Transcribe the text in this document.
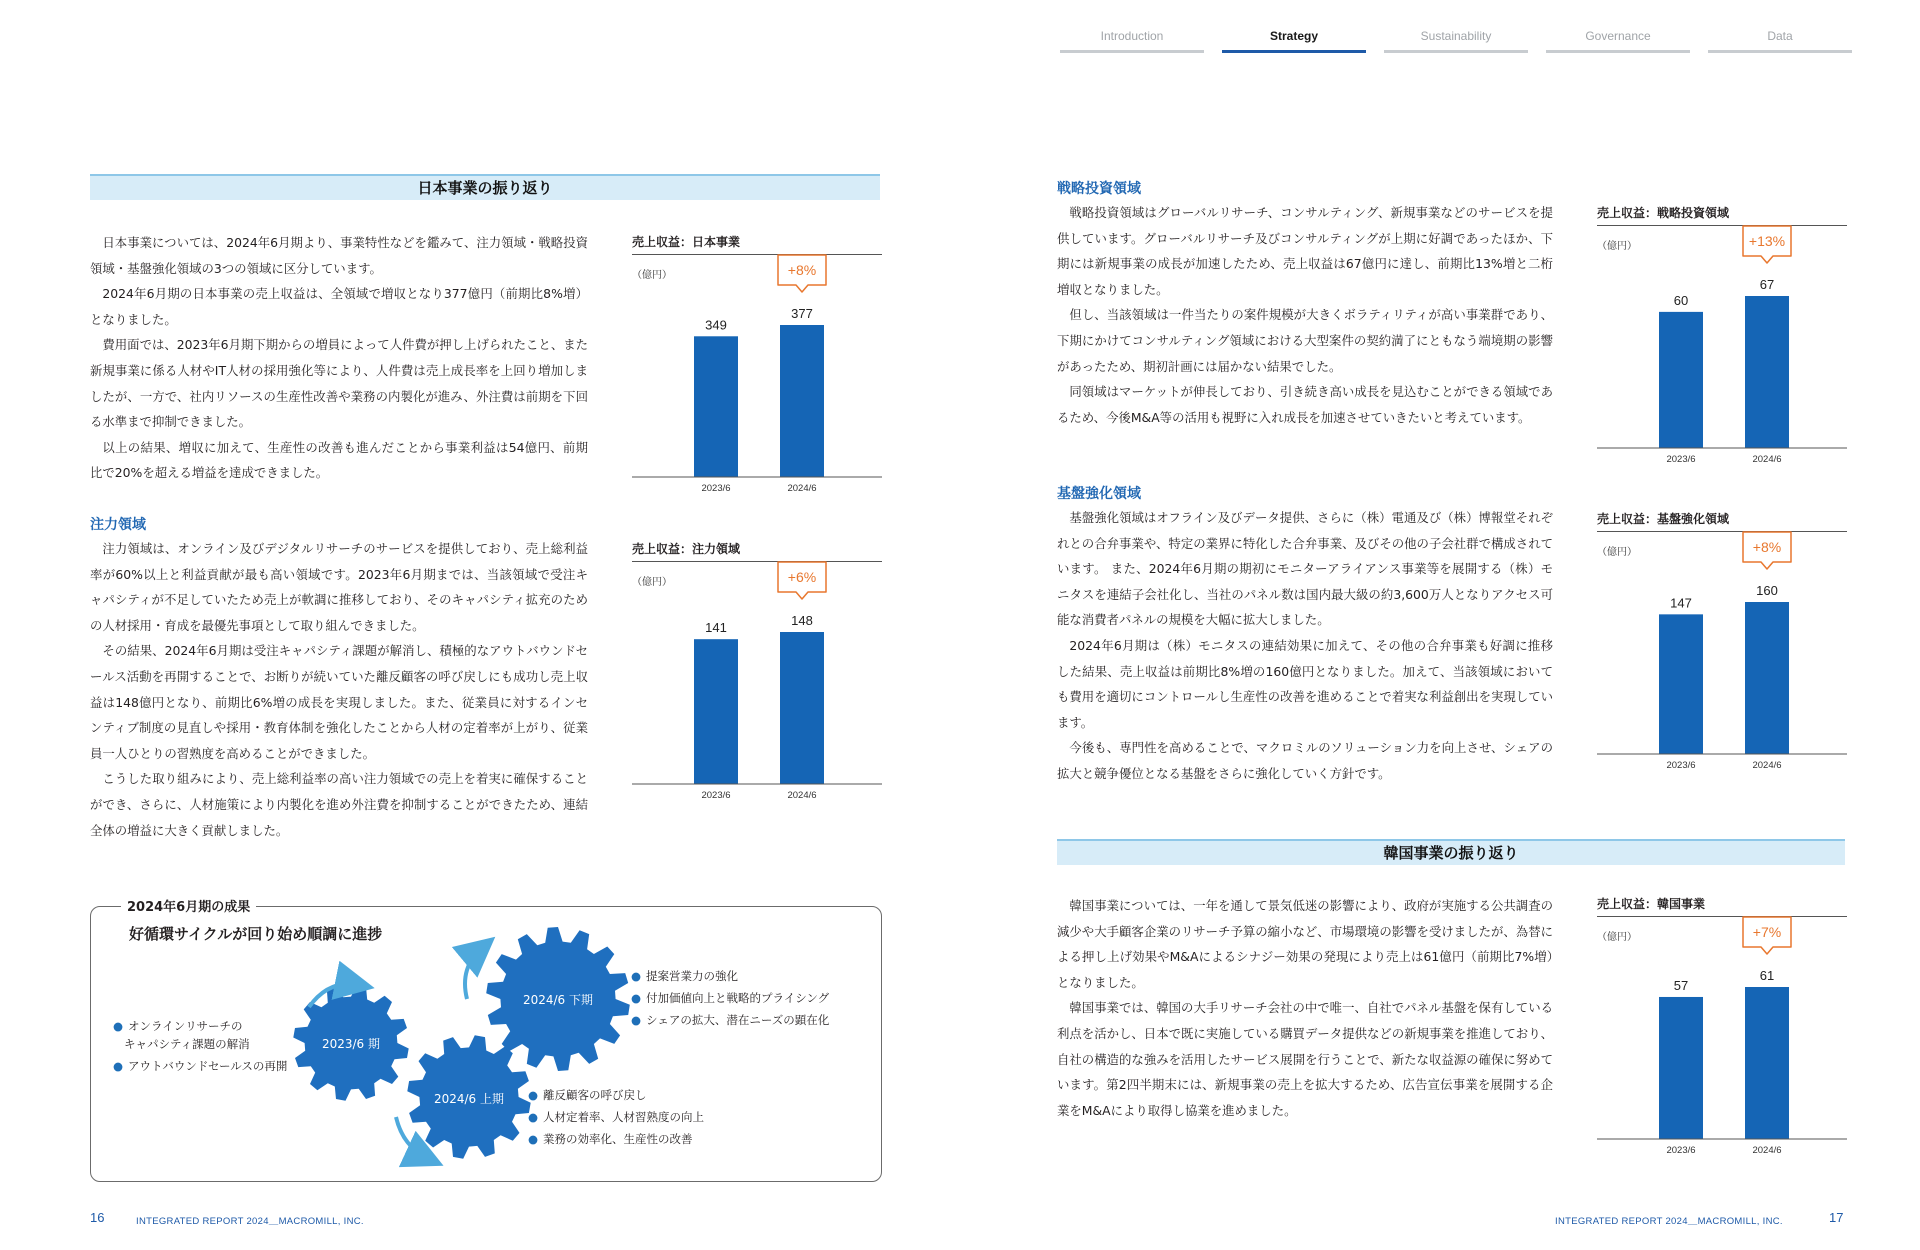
Introduction	Strategy	Sustainability	Governance	Data
日本事業の振り返り

日本事業については、2024年6月期より、事業特性などを鑑みて、注力領域・戦略投資領域・基盤強化領域の3つの領域に区分しています。

2024年6月期の日本事業の売上収益は、全領域で増収となり377億円（前期比8%増）となりました。

費用面では、2023年6月期下期からの増員によって人件費が押し上げられたこと、また新規事業に係る人材やIT人材の採用強化等により、人件費は売上成長率を上回り増加しましたが、一方で、社内リソースの生産性改善や業務の内製化が進み、外注費は前期を下回る水準まで抑制できました。

以上の結果、増収に加えて、生産性の改善も進んだことから事業利益は54億円、前期比で20%を超える増益を達成できました。

注力領域

注力領域は、オンライン及びデジタルリサーチのサービスを提供しており、売上総利益率が60%以上と利益貢献が最も高い領域です。2023年6月期までは、当該領域で受注キャパシティが不足していたため売上が軟調に推移しており、そのキャパシティ拡充のための人材採用・育成を最優先事項として取り組んできました。

その結果、2024年6月期は受注キャパシティ課題が解消し、積極的なアウトバウンドセールス活動を再開することで、お断りが続いていた離反顧客の呼び戻しにも成功し売上収益は148億円となり、前期比6%増の成長を実現しました。また、従業員に対するインセンティブ制度の見直しや採用・教育体制を強化したことから人材の定着率が上がり、従業員一人ひとりの習熟度を高めることができました。

こうした取り組みにより、売上総利益率の高い注力領域での売上を着実に確保することができ、さらに、人材施策により内製化を進め外注費を抑制することができたため、連結全体の増益に大きく貢献しました。

売上収益：日本事業
（億円）
349
2023/6
377
2024/6
+8%
売上収益：注力領域
（億円）
141
2023/6
148
2024/6
+6%
2024年6月期の成果
好循環サイクルが回り始め順調に進捗
2023/6 期
2024/6 上期
2024/6 下期
● オンラインリサーチの
キャパシティ課題の解消
● アウトバウンドセールスの再開
● 離反顧客の呼び戻し
● 人材定着率、人材習熟度の向上
● 業務の効率化、生産性の改善
● 提案営業力の強化
● 付加価値向上と戦略的プライシング
● シェアの拡大、潜在ニーズの顕在化
16	INTEGRATED REPORT 2024＿MACROMILL, INC.
戦略投資領域

戦略投資領域はグローバルリサーチ、コンサルティング、新規事業などのサービスを提供しています。グローバルリサーチ及びコンサルティングが上期に好調であったほか、下期には新規事業の成長が加速したため、売上収益は67億円に達し、前期比13%増と二桁増収となりました。

但し、当該領域は一件当たりの案件規模が大きくボラティリティが高い事業群であり、下期にかけてコンサルティング領域における大型案件の契約満了にともなう端境期の影響があったため、期初計画には届かない結果でした。

同領域はマーケットが伸長しており、引き続き高い成長を見込むことができる領域であるため、今後M&A等の活用も視野に入れ成長を加速させていきたいと考えています。

基盤強化領域

基盤強化領域はオフライン及びデータ提供、さらに（株）電通及び（株）博報堂それぞれとの合弁事業や、特定の業界に特化した合弁事業、及びその他の子会社群で構成されています。 また、2024年6月期の期初にモニターアライアンス事業等を展開する（株）モニタスを連結子会社化し、当社のパネル数は国内最大級の約3,600万人となりアクセス可能な消費者パネルの規模を大幅に拡大しました。

2024年6月期は（株）モニタスの連結効果に加えて、その他の合弁事業も好調に推移した結果、売上収益は前期比8%増の160億円となりました。加えて、当該領域においても費用を適切にコントロールし生産性の改善を進めることで着実な利益創出を実現しています。

今後も、専門性を高めることで、マクロミルのソリューション力を向上させ、シェアの拡大と競争優位となる基盤をさらに強化していく方針です。

韓国事業の振り返り

韓国事業については、一年を通して景気低迷の影響により、政府が実施する公共調査の減少や大手顧客企業のリサーチ予算の縮小など、市場環境の影響を受けましたが、為替による押し上げ効果やM&Aによるシナジー効果の発現により売上は61億円（前期比7%増）となりました。

韓国事業では、韓国の大手リサーチ会社の中で唯一、自社でパネル基盤を保有している利点を活かし、日本で既に実施している購買データ提供などの新規事業を推進しており、自社の構造的な強みを活用したサービス展開を行うことで、新たな収益源の確保に努めています。第2四半期末には、新規事業の売上を拡大するため、広告宣伝事業を展開する企業をM&Aにより取得し協業を進めました。

売上収益：戦略投資領域
（億円）
60
2023/6
67
2024/6
+13%
売上収益：基盤強化領域
（億円）
147
2023/6
160
2024/6
+8%
売上収益：韓国事業
（億円）
57
2023/6
61
2024/6
+7%
INTEGRATED REPORT 2024＿MACROMILL, INC.	17
